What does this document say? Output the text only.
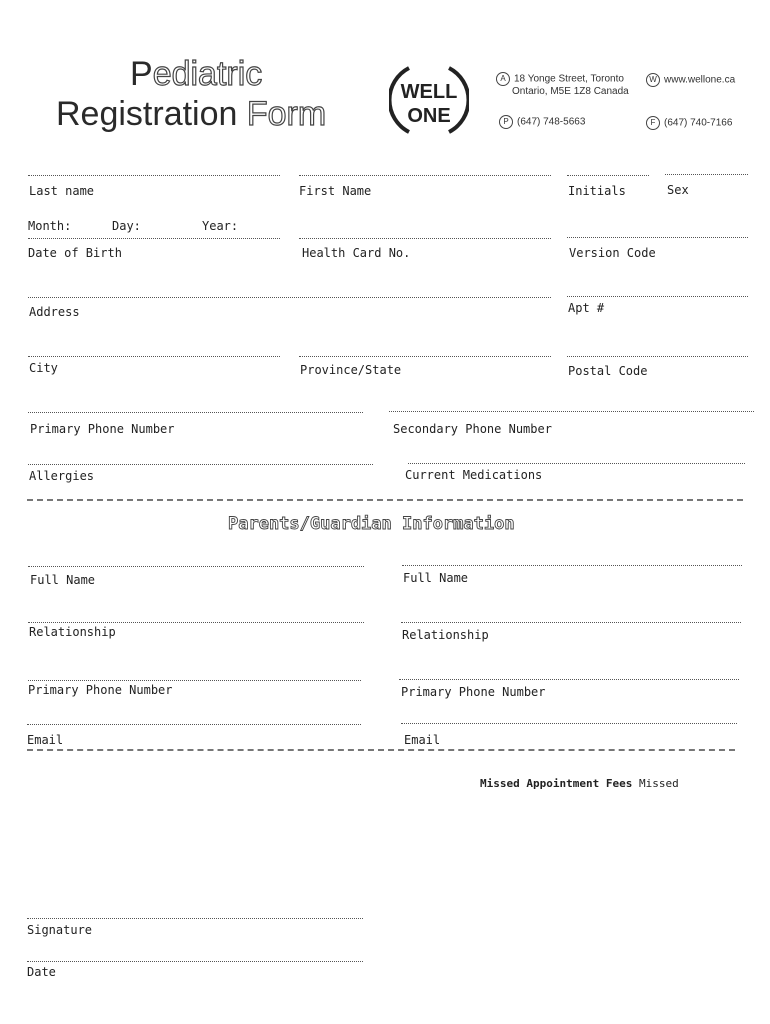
Pediatric
Registration Form
WELL
ONE
A 18 Yonge Street, Toronto
Ontario, M5E 1Z8 Canada
W www.wellone.ca
P (647) 748-5663	F (647) 740-7166
Last name	First Name	Initials	Sex
Month:	Day:	Year:
Date of Birth	Health Card No.	Version Code
Address	Apt #
City	Province/State	Postal Code
Primary Phone Number	Secondary Phone Number
Allergies	Current Medications
Parents/Guardian Information
Full Name	Full Name
Relationship	Relationship
Primary Phone Number	Primary Phone Number
Email	Email
Missed Appointment Fees Missed
Signature
Date
